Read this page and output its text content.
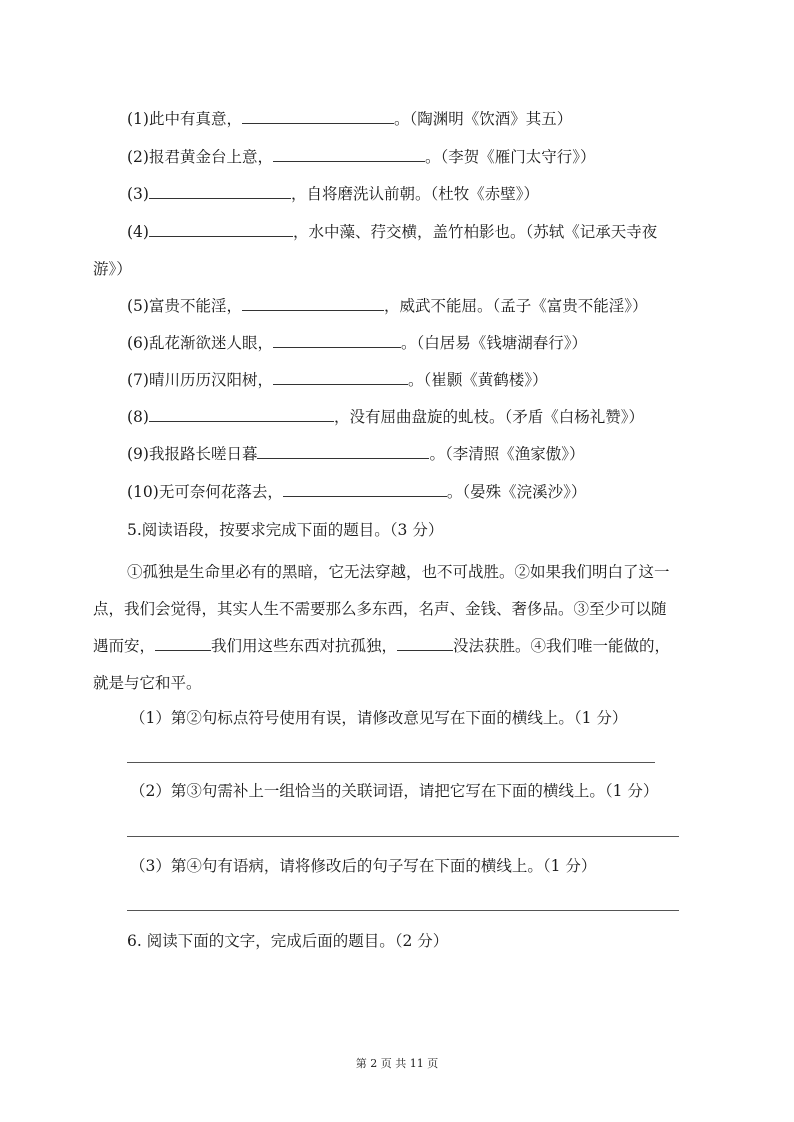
(1)此中有真意，	。（陶渊明《饮酒》其五）
(2)报君黄金台上意，	。（李贺《雁门太守行》）
(3)	，自将磨洗认前朝。（杜牧《赤壁》）
(4)	，水中藻、荇交横，盖竹柏影也。（苏轼《记承天寺夜
游》）
(5)富贵不能淫，	，威武不能屈。（孟子《富贵不能淫》）
(6)乱花渐欲迷人眼，	。（白居易《钱塘湖春行》）
(7)晴川历历汉阳树，	。（崔颢《黄鹤楼》）
(8)	，没有屈曲盘旋的虬枝。（矛盾《白杨礼赞》）
(9)我报路长嗟日暮	。（李清照《渔家傲》）
(10)无可奈何花落去，	。（晏殊《浣溪沙》）
5.阅读语段，按要求完成下面的题目。（3 分）
①孤独是生命里必有的黑暗，它无法穿越，也不可战胜。②如果我们明白了这一
点，我们会觉得，其实人生不需要那么多东西，名声、金钱、奢侈品。③至少可以随
遇而安，	我们用这些东西对抗孤独，	没法获胜。④我们唯一能做的，
就是与它和平。
（1）第②句标点符号使用有误，请修改意见写在下面的横线上。（1 分）
（2）第③句需补上一组恰当的关联词语，请把它写在下面的横线上。（1 分）
（3）第④句有语病，请将修改后的句子写在下面的横线上。（1 分）
6. 阅读下面的文字，完成后面的题目。（2 分）
第 2 页 共 11 页
